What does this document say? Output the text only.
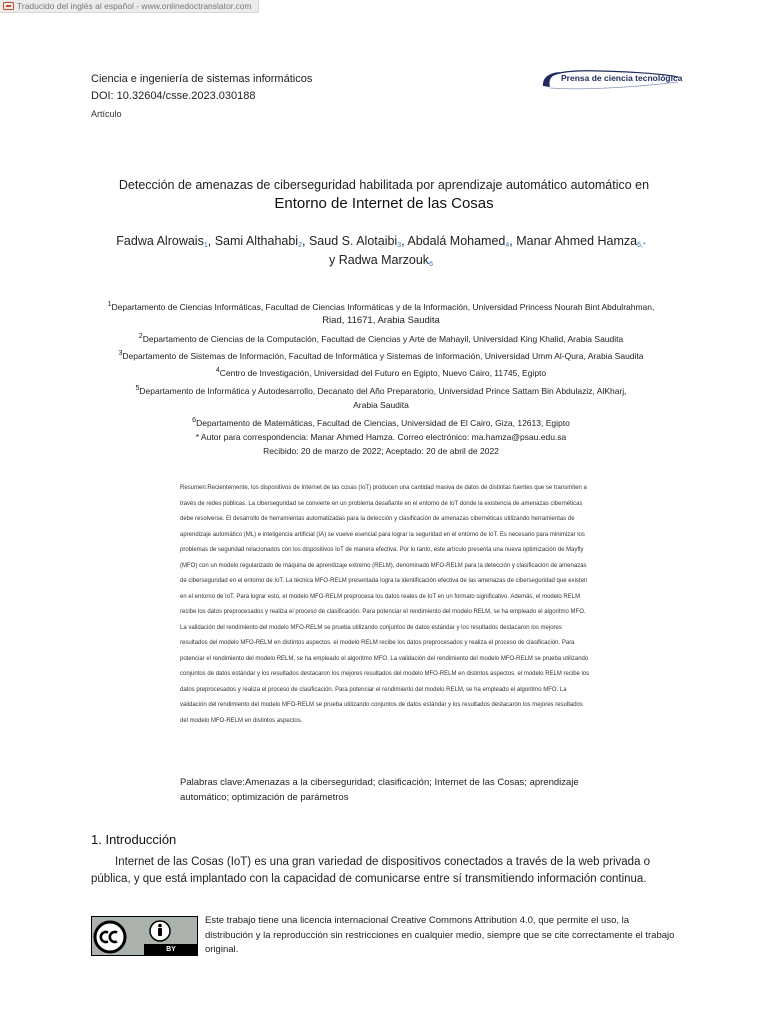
Traducido del inglés al español - www.onlinedoctranslator.com
Ciencia e ingeniería de sistemas informáticos
DOI: 10.32604/csse.2023.030188
Artículo
Prensa de ciencia tecnológica
Detección de amenazas de ciberseguridad habilitada por aprendizaje automático automático en
Entorno de Internet de las Cosas
Fadwa Alrowais$^1$, Sami Althahabi$^2$, Saud S. Alotaibi$^3$, Abdalá Mohamed$^4$, Manar Ahmed Hamza$^{5,*}$
y Radwa Marzouk$^6$
$^1$Departamento de Ciencias Informáticas, Facultad de Ciencias Informáticas y de la Información, Universidad Princess Nourah Bint Abdulrahman,
Riad, 11671, Arabia Saudita
$^2$Departamento de Ciencias de la Computación, Facultad de Ciencias y Arte de Mahayil, Universidad King Khalid, Arabia Saudita
$^3$Departamento de Sistemas de Información, Facultad de Informática y Sistemas de Información, Universidad Umm Al-Qura, Arabia Saudita
$^4$Centro de Investigación, Universidad del Futuro en Egipto, Nuevo Cairo, 11745, Egipto
$^5$Departamento de Informática y Autodesarrollo, Decanato del Año Preparatorio, Universidad Prince Sattam Bin Abdulaziz, AlKharj,
Arabia Saudita
$^6$Departamento de Matemáticas, Facultad de Ciencias, Universidad de El Cairo, Giza, 12613, Egipto
* Autor para correspondencia: Manar Ahmed Hamza. Correo electrónico: ma.hamza@psau.edu.sa
Recibido: 20 de marzo de 2022; Aceptado: 20 de abril de 2022
Resumen:Recientemente, los dispositivos de Internet de las cosas (IoT) producen una cantidad masiva de datos de distintas fuentes que se transmiten a través de redes públicas. La ciberseguridad se convierte en un problema desafiante en el entorno de IoT donde la existencia de amenazas cibernéticas debe resolverse. El desarrollo de herramientas automatizadas para la detección y clasificación de amenazas cibernéticas utilizando herramientas de aprendizaje automático (ML) e inteligencia artificial (IA) se vuelve esencial para lograr la seguridad en el entorno de IoT. Es necesario para minimizar los problemas de seguridad relacionados con los dispositivos IoT de manera efectiva. Por lo tanto, este artículo presenta una nueva optimización de Mayfly (MFO) con un modelo regularizado de máquina de aprendizaje extremo (RELM), denominado MFO-RELM para la detección y clasificación de amenazas de ciberseguridad en el entorno de IoT. La técnica MFO-RELM presentada logra la identificación efectiva de las amenazas de ciberseguridad que existen en el entorno de IoT. Para lograr esto, el modelo MFO-RELM preprocesa los datos reales de IoT en un formato significativo. Además, el modelo RELM recibe los datos preprocesados y realiza el proceso de clasificación. Para potenciar el rendimiento del modelo RELM, se ha empleado el algoritmo MFO. La validación del rendimiento del modelo MFO-RELM se prueba utilizando conjuntos de datos estándar y los resultados destacaron los mejores resultados del modelo MFO-RELM en distintos aspectos. el modelo RELM recibe los datos preprocesados y realiza el proceso de clasificación. Para potenciar el rendimiento del modelo RELM, se ha empleado el algoritmo MFO. La validación del rendimiento del modelo MFO-RELM se prueba utilizando conjuntos de datos estándar y los resultados destacaron los mejores resultados del modelo MFO-RELM en distintos aspectos. el modelo RELM recibe los datos preprocesados y realiza el proceso de clasificación. Para potenciar el rendimiento del modelo RELM, se ha empleado el algoritmo MFO. La validación del rendimiento del modelo MFO-RELM se prueba utilizando conjuntos de datos estándar y los resultados destacaron los mejores resultados del modelo MFO-RELM en distintos aspectos.
Palabras clave:Amenazas a la ciberseguridad; clasificación; Internet de las Cosas; aprendizaje automático; optimización de parámetros
1. Introducción
Internet de las Cosas (IoT) es una gran variedad de dispositivos conectados a través de la web privada o pública, y que está implantado con la capacidad de comunicarse entre sí transmitiendo información continua.
BY
Este trabajo tiene una licencia internacional Creative Commons Attribution 4.0, que permite el uso, la distribución y la reproducción sin restricciones en cualquier medio, siempre que se cite correctamente el trabajo original.
